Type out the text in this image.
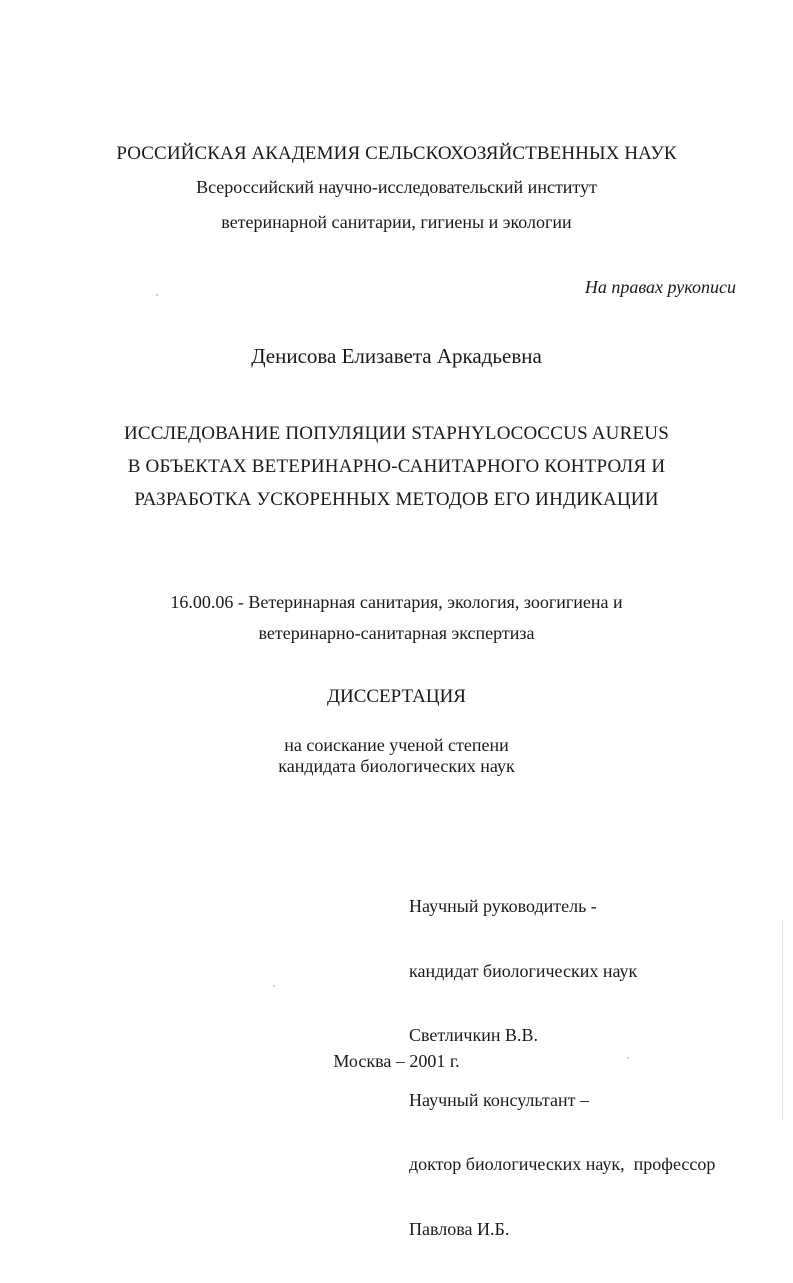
РОССИЙСКАЯ АКАДЕМИЯ СЕЛЬСКОХОЗЯЙСТВЕННЫХ НАУК
Всероссийский научно-исследовательский институт
ветеринарной санитарии, гигиены и экологии
На правах рукописи
Денисова Елизавета Аркадьевна
ИССЛЕДОВАНИЕ ПОПУЛЯЦИИ STAPHYLOCOCCUS AUREUS
В ОБЪЕКТАХ ВЕТЕРИНАРНО-САНИТАРНОГО КОНТРОЛЯ И
РАЗРАБОТКА УСКОРЕННЫХ МЕТОДОВ ЕГО ИНДИКАЦИИ
16.00.06 - Ветеринарная санитария, экология, зоогигиена и
ветеринарно-санитарная экспертиза
ДИССЕРТАЦИЯ
на соискание ученой степени
кандидата биологических наук

Научный руководитель -

кандидат биологических наук

Светличкин В.В.

Научный консультант –

доктор биологических наук,  профессор

Павлова И.Б.

Москва – 2001 г.
